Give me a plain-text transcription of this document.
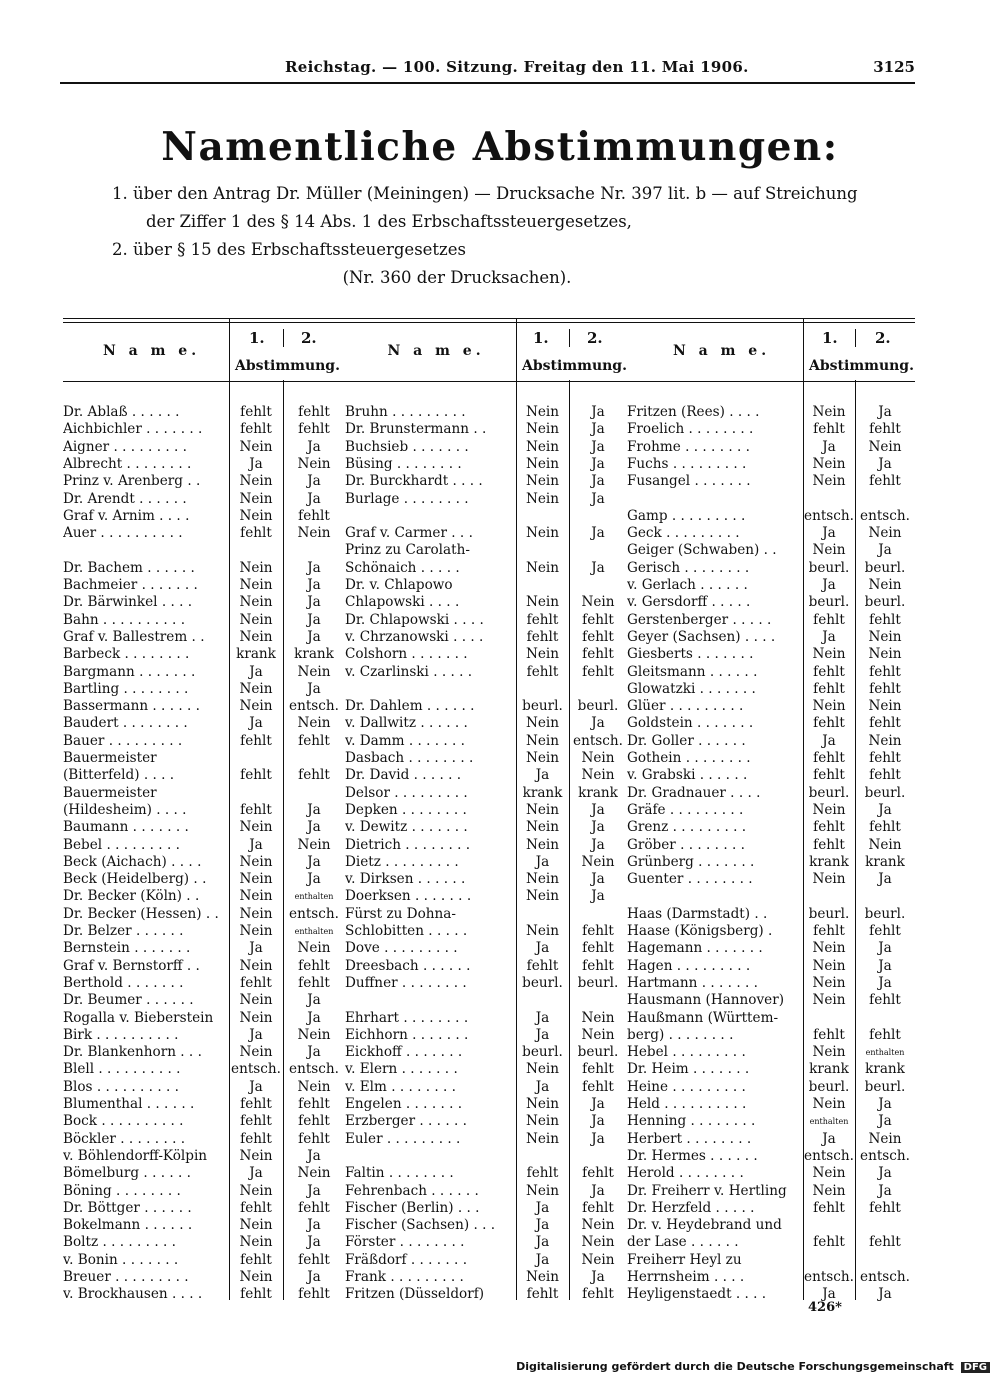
Reichstag. — 100. Sitzung. Freitag den 11. Mai 1906.	3125
Namentliche Abstimmungen:
1. über den Antrag Dr. Müller (Meiningen) — Drucksache Nr. 397 lit. b — auf Streichung
der Ziffer 1 des § 14 Abs. 1 des Erbschaftssteuergesetzes,
2. über § 15 des Erbschaftssteuergesetzes
(Nr. 360 der Drucksachen).
N a m e.
1. 2.
Abstimmung.
Dr. Ablaß . . . . . .	fehlt	fehlt
Aichbichler . . . . . . .	fehlt	fehlt
Aigner . . . . . . . . .	Nein	Ja
Albrecht . . . . . . . .	Ja	Nein
Prinz v. Arenberg . .	Nein	Ja
Dr. Arendt . . . . . .	Nein	Ja
Graf v. Arnim . . . .	Nein	fehlt
Auer . . . . . . . . . .	fehlt	Nein
Dr. Bachem . . . . . .	Nein	Ja
Bachmeier . . . . . . .	Nein	Ja
Dr. Bärwinkel . . . .	Nein	Ja
Bahn . . . . . . . . . .	Nein	Ja
Graf v. Ballestrem . .	Nein	Ja
Barbeck . . . . . . . .	krank	krank
Bargmann . . . . . . .	Ja	Nein
Bartling . . . . . . . .	Nein	Ja
Bassermann . . . . . .	Nein	entsch.
Baudert . . . . . . . .	Ja	Nein
Bauer . . . . . . . . .	fehlt	fehlt
Bauermeister
(Bitterfeld) . . . .	fehlt	fehlt
Bauermeister
(Hildesheim) . . . .	fehlt	Ja
Baumann . . . . . . .	Nein	Ja
Bebel . . . . . . . . .	Ja	Nein
Beck (Aichach) . . . .	Nein	Ja
Beck (Heidelberg) . .	Nein	Ja
Dr. Becker (Köln) . .	Nein	enthalten
Dr. Becker (Hessen) . .	Nein	entsch.
Dr. Belzer . . . . . .	Nein	enthalten
Bernstein . . . . . . .	Ja	Nein
Graf v. Bernstorff . .	Nein	fehlt
Berthold . . . . . . .	fehlt	fehlt
Dr. Beumer . . . . . .	Nein	Ja
Rogalla v. Bieberstein	Nein	Ja
Birk . . . . . . . . . .	Ja	Nein
Dr. Blankenhorn . . .	Nein	Ja
Blell . . . . . . . . . .	entsch. entsch.
Blos . . . . . . . . . .	Ja	Nein
Blumenthal . . . . . .	fehlt	fehlt
Bock . . . . . . . . . .	fehlt	fehlt
Böckler . . . . . . . .	fehlt	fehlt
v. Böhlendorff-Kölpin	Nein	Ja
Bömelburg . . . . . .	Ja	Nein
Böning . . . . . . . .	Nein	Ja
Dr. Böttger . . . . . .	fehlt	fehlt
Bokelmann . . . . . .	Nein	Ja
Boltz . . . . . . . . .	Nein	Ja
v. Bonin . . . . . . .	fehlt	fehlt
Breuer . . . . . . . . .	Nein	Ja
v. Brockhausen . . . .	fehlt	fehlt
N a m e.
1.	2.
Abstimmung.
Bruhn . . . . . . . . .	Nein	Ja
Dr. Brunstermann . .	Nein	Ja
Buchsieb . . . . . . .	Nein	Ja
Büsing . . . . . . . .	Nein	Ja
Dr. Burckhardt . . . .	Nein	Ja
Burlage . . . . . . . .	Nein	Ja
Graf v. Carmer . . .	Nein	Ja
Prinz zu Carolath-
Schönaich . . . . .	Nein	Ja
Dr. v. Chlapowo
Chlapowski . . . .	Nein	Nein
Dr. Chlapowski . . . .	fehlt	fehlt
v. Chrzanowski . . . .	fehlt	fehlt
Colshorn . . . . . . .	Nein	fehlt
v. Czarlinski . . . . .	fehlt	fehlt
Dr. Dahlem . . . . . .	beurl.	beurl.
v. Dallwitz . . . . . .	Nein	Ja
v. Damm . . . . . . .	Nein	entsch.
Dasbach . . . . . . . .	Nein	Nein
Dr. David . . . . . .	Ja	Nein
Delsor . . . . . . . . .	krank	krank
Depken . . . . . . . .	Nein	Ja
v. Dewitz . . . . . . .	Nein	Ja
Dietrich . . . . . . . .	Nein	Ja
Dietz . . . . . . . . .	Ja	Nein
v. Dirksen . . . . . .	Nein	Ja
Doerksen . . . . . . .	Nein	Ja
Fürst zu Dohna-
Schlobitten . . . . .	Nein	fehlt
Dove . . . . . . . . .	Ja	fehlt
Dreesbach . . . . . .	fehlt	fehlt
Duffner . . . . . . . .	beurl.	beurl.
Ehrhart . . . . . . . .	Ja	Nein
Eichhorn . . . . . . .	Ja	Nein
Eickhoff . . . . . . .	beurl.	beurl.
v. Elern . . . . . . .	Nein	fehlt
v. Elm . . . . . . . .	Ja	fehlt
Engelen . . . . . . .	Nein	Ja
Erzberger . . . . . .	Nein	Ja
Euler . . . . . . . . .	Nein	Ja
Faltin . . . . . . . .	fehlt	fehlt
Fehrenbach . . . . . .	Nein	Ja
Fischer (Berlin) . . .	Ja	fehlt
Fischer (Sachsen) . . .	Ja	Nein
Förster . . . . . . . .	Ja	Nein
Fräßdorf . . . . . . .	Ja	Nein
Frank . . . . . . . . .	Nein	Ja
Fritzen (Düsseldorf)	fehlt	fehlt
N a m e.
1. 2.
Abstimmung.
Fritzen (Rees) . . . .	Nein	Ja
Froelich . . . . . . . .	fehlt	fehlt
Frohme . . . . . . . .	Ja	Nein
Fuchs . . . . . . . . .	Nein	Ja
Fusangel . . . . . . .	Nein	fehlt
Gamp . . . . . . . . .	entsch. entsch.
Geck . . . . . . . . .	Ja	Nein
Geiger (Schwaben) . .	Nein	Ja
Gerisch . . . . . . . .	beurl.	beurl.
v. Gerlach . . . . . .	Ja	Nein
v. Gersdorff . . . . .	beurl.	beurl.
Gerstenberger . . . . .	fehlt	fehlt
Geyer (Sachsen) . . . .	Ja	Nein
Giesberts . . . . . . .	Nein	Nein
Gleitsmann . . . . . .	fehlt	fehlt
Glowatzki . . . . . . .	fehlt	fehlt
Glüer . . . . . . . . .	Nein	Nein
Goldstein . . . . . . .	fehlt	fehlt
Dr. Goller . . . . . .	Ja	Nein
Gothein . . . . . . . .	fehlt	fehlt
v. Grabski . . . . . .	fehlt	fehlt
Dr. Gradnauer . . . .	beurl.	beurl.
Gräfe . . . . . . . . .	Nein	Ja
Grenz . . . . . . . . .	fehlt	fehlt
Gröber . . . . . . . .	fehlt	Nein
Grünberg . . . . . . .	krank	krank
Guenter . . . . . . . .	Nein	Ja
Haas (Darmstadt) . .	beurl.	beurl.
Haase (Königsberg) .	fehlt	fehlt
Hagemann . . . . . . .	Nein	Ja
Hagen . . . . . . . . .	Nein	Ja
Hartmann . . . . . . .	Nein	Ja
Hausmann (Hannover)	Nein	fehlt
Haußmann (Württem-
berg) . . . . . . . .	fehlt	fehlt
Hebel . . . . . . . . .	Nein	enthalten
Dr. Heim . . . . . . .	krank	krank
Heine . . . . . . . . .	beurl.	beurl.
Held . . . . . . . . . .	Nein	Ja
Henning . . . . . . . .	enthalten	Ja
Herbert . . . . . . . .	Ja	Nein
Dr. Hermes . . . . . .	entsch. entsch.
Herold . . . . . . . .	Nein	Ja
Dr. Freiherr v. Hertling	Nein	Ja
Dr. Herzfeld . . . . .	fehlt	fehlt
Dr. v. Heydebrand und
der Lase . . . . . .	fehlt	fehlt
Freiherr Heyl zu
Herrnsheim . . . .	entsch. entsch.
Heyligenstaedt . . . .	Ja	Ja
426*
Digitalisierung gefördert durch die Deutsche Forschungsgemeinschaft DFG
